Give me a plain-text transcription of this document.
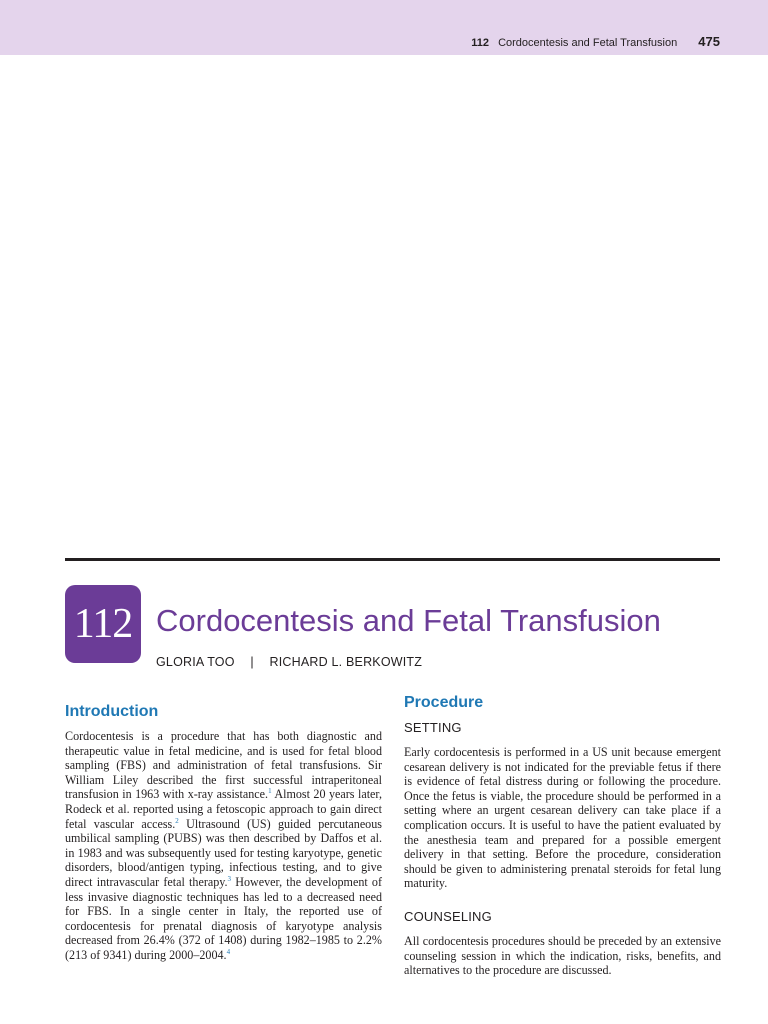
112 Cordocentesis and Fetal Transfusion 475
112 Cordocentesis and Fetal Transfusion
GLORIA TOO | RICHARD L. BERKOWITZ
Introduction

Cordocentesis is a procedure that has both diagnostic and therapeutic value in fetal medicine, and is used for fetal blood sampling (FBS) and administration of fetal transfusions. Sir William Liley described the first successful intraperitoneal transfusion in 1963 with x-ray assistance.$^1$ Almost 20 years later, Rodeck et al. reported using a fetoscopic approach to gain direct fetal vascular access.$^2$ Ultrasound (US) guided percutaneous umbilical sampling (PUBS) was then described by Daffos et al. in 1983 and was subsequently used for testing karyotype, genetic disorders, blood/antigen typing, infectious testing, and to give direct intravascular fetal therapy.$^3$ However, the development of less invasive diagnostic techniques has led to a decreased need for FBS. In a single center in Italy, the reported use of cordocentesis for prenatal diagnosis of karyotype analysis decreased from 26.4% (372 of 1408) during 1982–1985 to 2.2% (213 of 9341) during 2000–2004.$^4$

Procedure
SETTING

Early cordocentesis is performed in a US unit because emergent cesarean delivery is not indicated for the previable fetus if there is evidence of fetal distress during or following the procedure. Once the fetus is viable, the procedure should be performed in a setting where an urgent cesarean delivery can take place if a complication occurs. It is useful to have the patient evaluated by the anesthesia team and prepared for a possible emergent delivery in that setting. Before the procedure, consideration should be given to administering prenatal steroids for fetal lung maturity.

COUNSELING

All cordocentesis procedures should be preceded by an extensive counseling session in which the indication, risks, benefits, and alternatives to the procedure are discussed.
